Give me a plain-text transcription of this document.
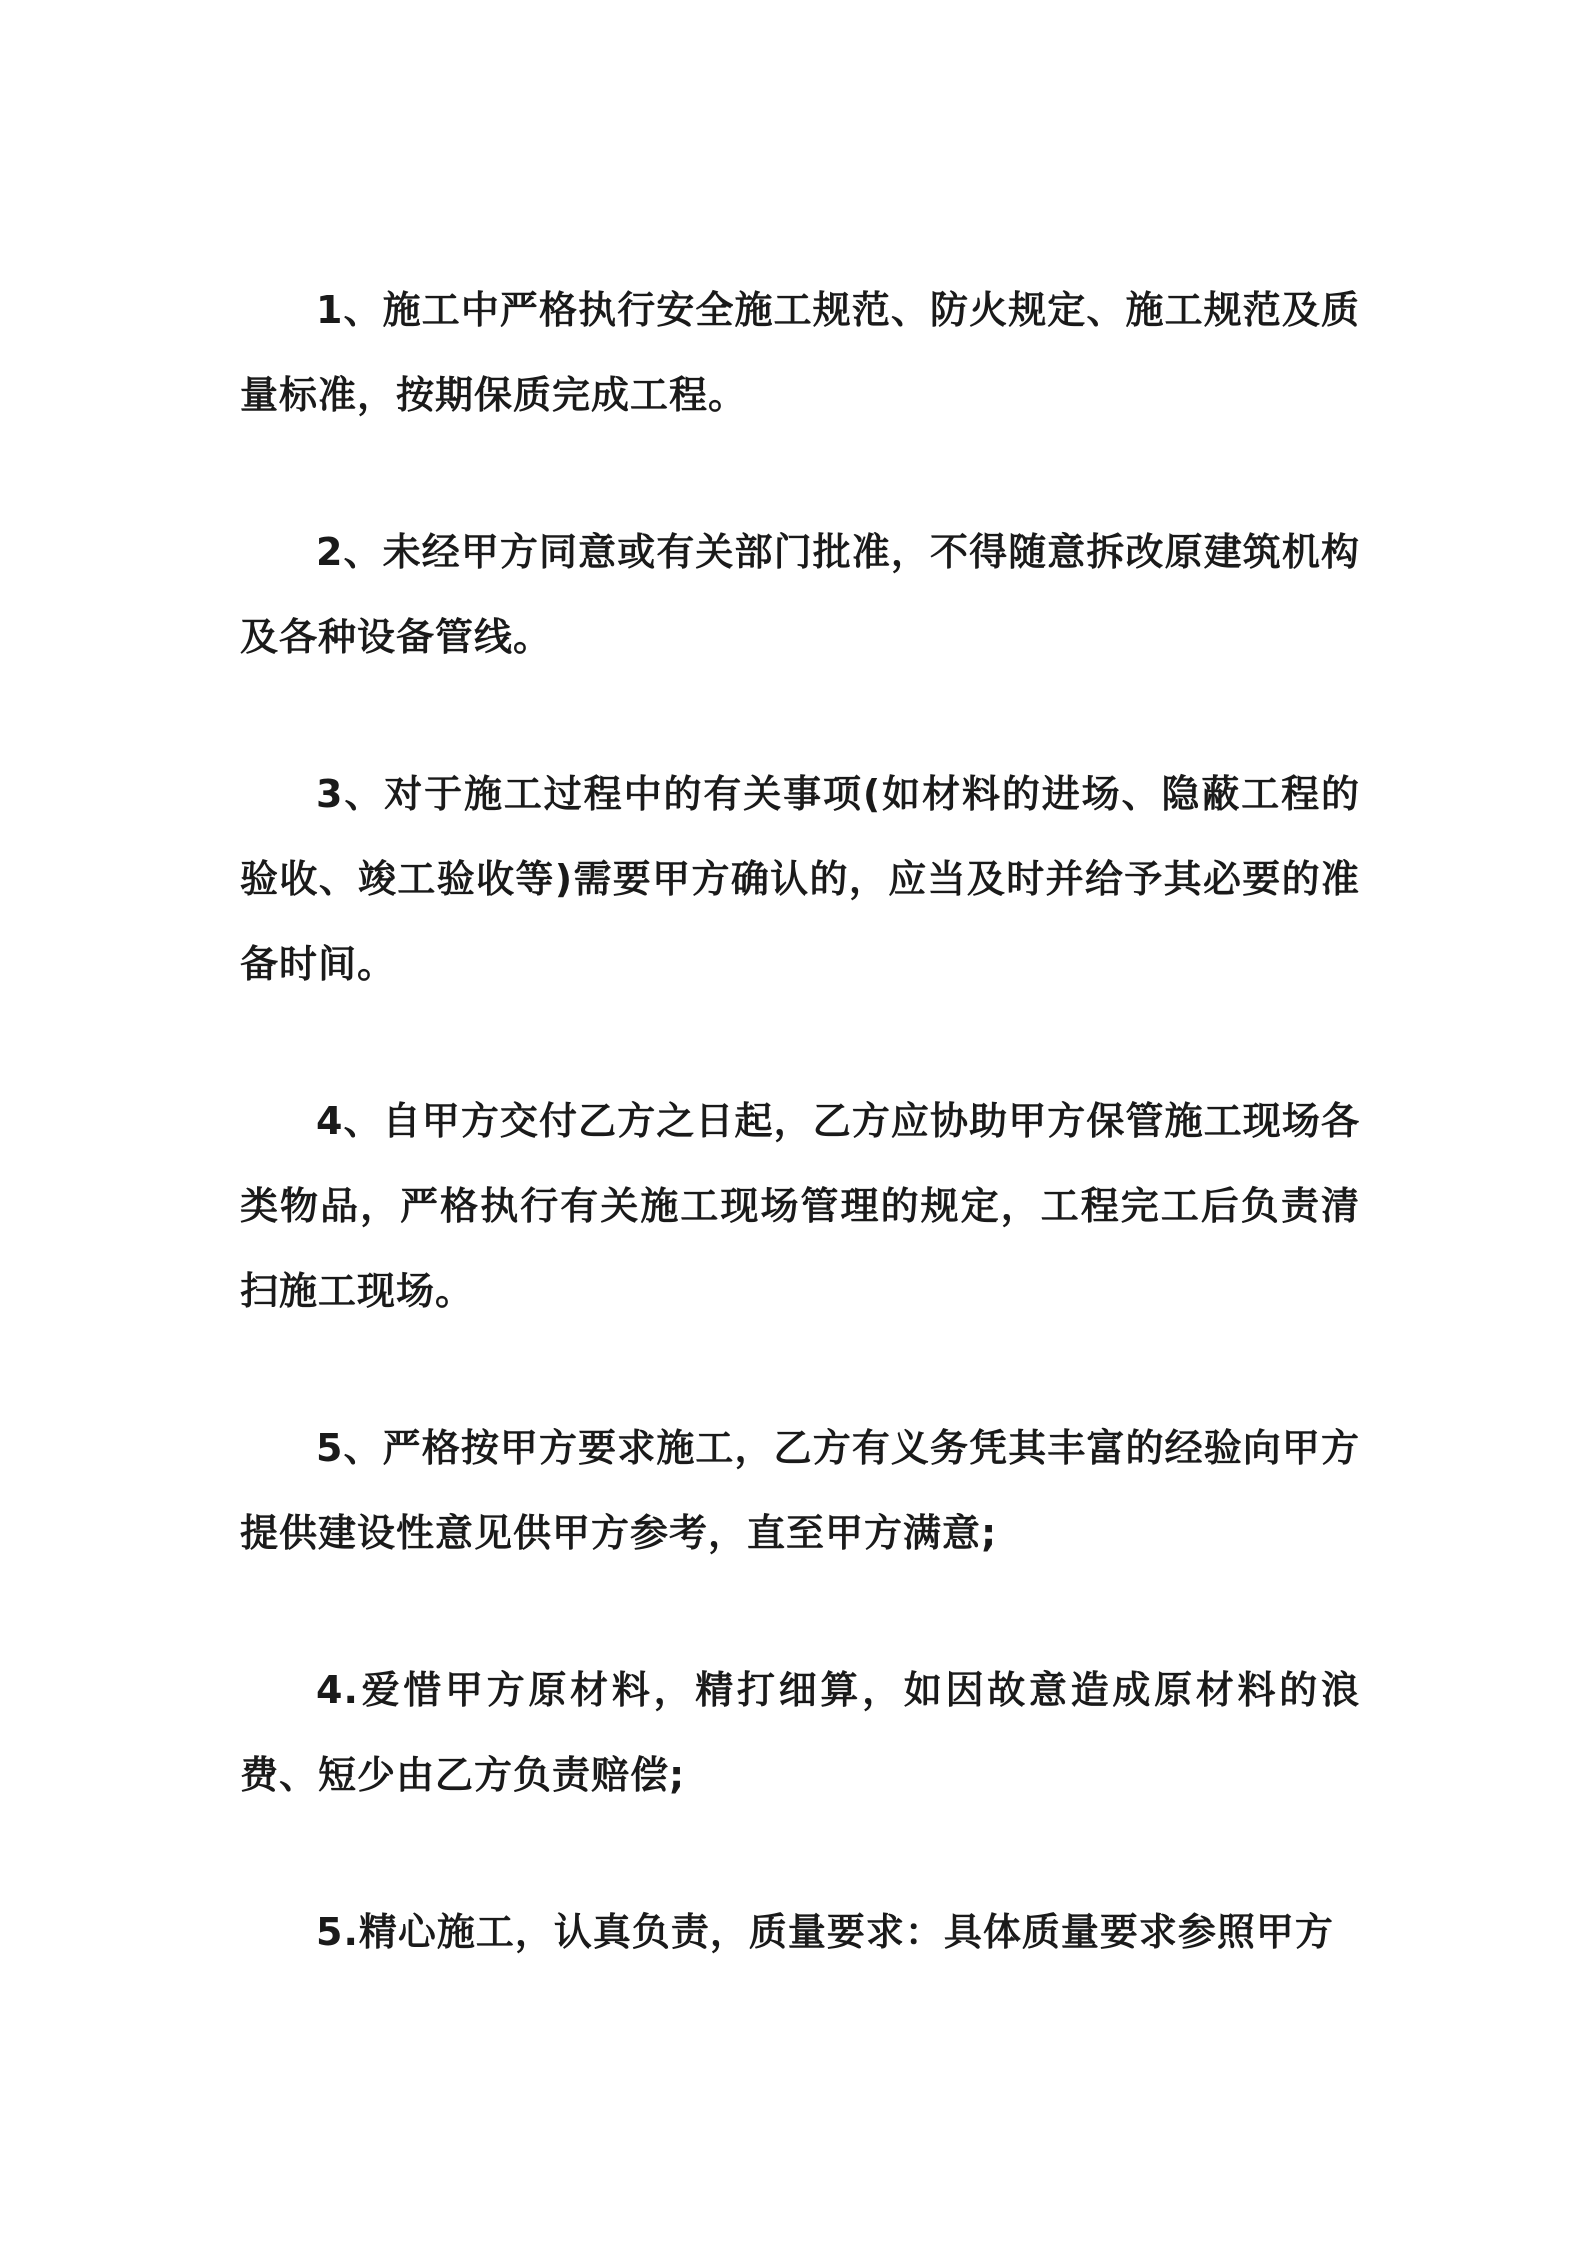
1、施工中严格执行安全施工规范、防火规定、施工规范及质量标准，按期保质完成工程。

2、未经甲方同意或有关部门批准，不得随意拆改原建筑机构及各种设备管线。

3、对于施工过程中的有关事项(如材料的进场、隐蔽工程的验收、竣工验收等)需要甲方确认的，应当及时并给予其必要的准备时间。

4、自甲方交付乙方之日起，乙方应协助甲方保管施工现场各类物品，严格执行有关施工现场管理的规定，工程完工后负责清扫施工现场。

5、严格按甲方要求施工，乙方有义务凭其丰富的经验向甲方提供建设性意见供甲方参考，直至甲方满意;

4.爱惜甲方原材料，精打细算，如因故意造成原材料的浪费、短少由乙方负责赔偿;

5.精心施工，认真负责，质量要求：具体质量要求参照甲方
